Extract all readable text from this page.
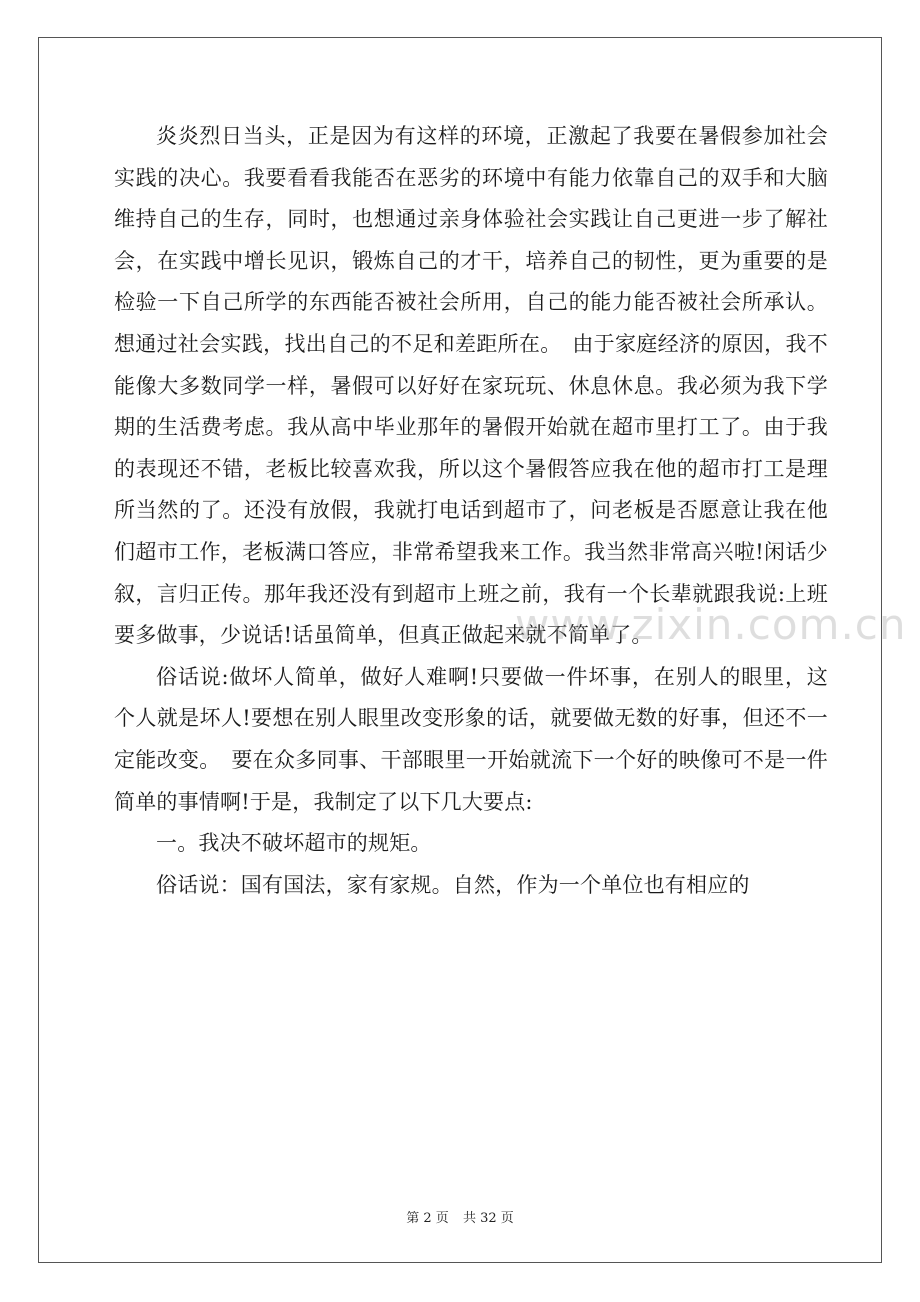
炎炎烈日当头，正是因为有这样的环境，正激起了我要在暑假参加社会实践的决心。我要看看我能否在恶劣的环境中有能力依靠自己的双手和大脑维持自己的生存，同时，也想通过亲身体验社会实践让自己更进一步了解社会，在实践中增长见识，锻炼自己的才干，培养自己的韧性，更为重要的是检验一下自己所学的东西能否被社会所用，自己的能力能否被社会所承认。想通过社会实践，找出自己的不足和差距所在。　由于家庭经济的原因，我不能像大多数同学一样，暑假可以好好在家玩玩、休息休息。我必须为我下学期的生活费考虑。我从高中毕业那年的暑假开始就在超市里打工了。由于我的表现还不错，老板比较喜欢我，所以这个暑假答应我在他的超市打工是理所当然的了。还没有放假，我就打电话到超市了，问老板是否愿意让我在他们超市工作，老板满口答应，非常希望我来工作。我当然非常高兴啦!闲话少叙，言归正传。那年我还没有到超市上班之前，我有一个长辈就跟我说:上班要多做事，少说话!话虽简单，但真正做起来就不简单了。

俗话说:做坏人简单，做好人难啊!只要做一件坏事，在别人的眼里，这个人就是坏人!要想在别人眼里改变形象的话，就要做无数的好事，但还不一定能改变。　要在众多同事、干部眼里一开始就流下一个好的映像可不是一件简单的事情啊!于是，我制定了以下几大要点:

一。我决不破坏超市的规矩。

俗话说：国有国法，家有家规。自然，作为一个单位也有相应的

www.zixin.com.cn
第 2 页 共 32 页
